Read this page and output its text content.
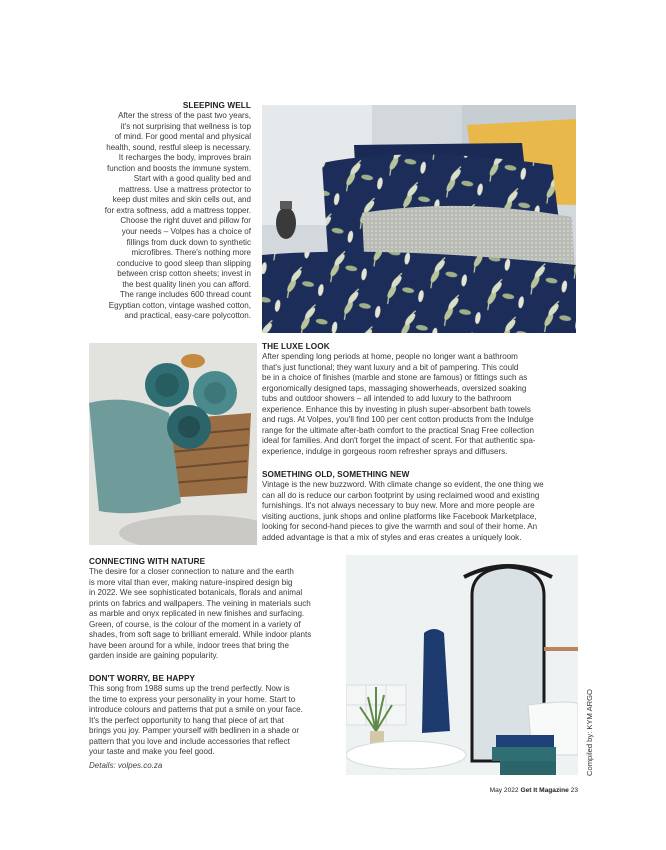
SLEEPING WELL

After the stress of the past two years,

it's not surprising that wellness is top

of mind. For good mental and physical

health, sound, restful sleep is necessary.

It recharges the body, improves brain

function and boosts the immune system.

Start with a good quality bed and

mattress. Use a mattress protector to

keep dust mites and skin cells out, and

for extra softness, add a mattress topper.

Choose the right duvet and pillow for

your needs – Volpes has a choice of

fillings from duck down to synthetic

microfibres. There's nothing more

conducive to good sleep than slipping

between crisp cotton sheets; invest in

the best quality linen you can afford.

The range includes 600 thread count

Egyptian cotton, vintage washed cotton,

and practical, easy-care polycotton.

THE LUXE LOOK

After spending long periods at home, people no longer want a bathroom

that's just functional; they want luxury and a bit of pampering. This could

be in a choice of finishes (marble and stone are famous) or fittings such as

ergonomically designed taps, massaging showerheads, oversized soaking

tubs and outdoor showers – all intended to add luxury to the bathroom

experience. Enhance this by investing in plush super-absorbent bath towels

and rugs. At Volpes, you'll find 100 per cent cotton products from the Indulge

range for the ultimate after-bath comfort to the practical Snag Free collection

ideal for families. And don't forget the impact of scent. For that authentic spa-

experience, indulge in gorgeous room refresher sprays and diffusers.

SOMETHING OLD, SOMETHING NEW

Vintage is the new buzzword. With climate change so evident, the one thing we

can all do is reduce our carbon footprint by using reclaimed wood and existing

furnishings. It's not always necessary to buy new. More and more people are

visiting auctions, junk shops and online platforms like Facebook Marketplace,

looking for second-hand pieces to give the warmth and soul of their home. An

added advantage is that a mix of styles and eras creates a uniquely look.

CONNECTING WITH NATURE

The desire for a closer connection to nature and the earth

is more vital than ever, making nature-inspired design big

in 2022. We see sophisticated botanicals, florals and animal

prints on fabrics and wallpapers. The veining in materials such

as marble and onyx replicated in new finishes and surfacing.

Green, of course, is the colour of the moment in a variety of

shades, from soft sage to brilliant emerald. While indoor plants

have been around for a while, indoor trees that bring the

garden inside are gaining popularity.

DON'T WORRY, BE HAPPY

This song from 1988 sums up the trend perfectly. Now is

the time to express your personality in your home. Start to

introduce colours and patterns that put a smile on your face.

It's the perfect opportunity to hang that piece of art that

brings you joy. Pamper yourself with bedlinen in a shade or

pattern that you love and include accessories that reflect

your taste and make you feel good.

Details: volpes.co.za	Compiled by: KYM ARGO
May 2022 Get It Magazine 23
